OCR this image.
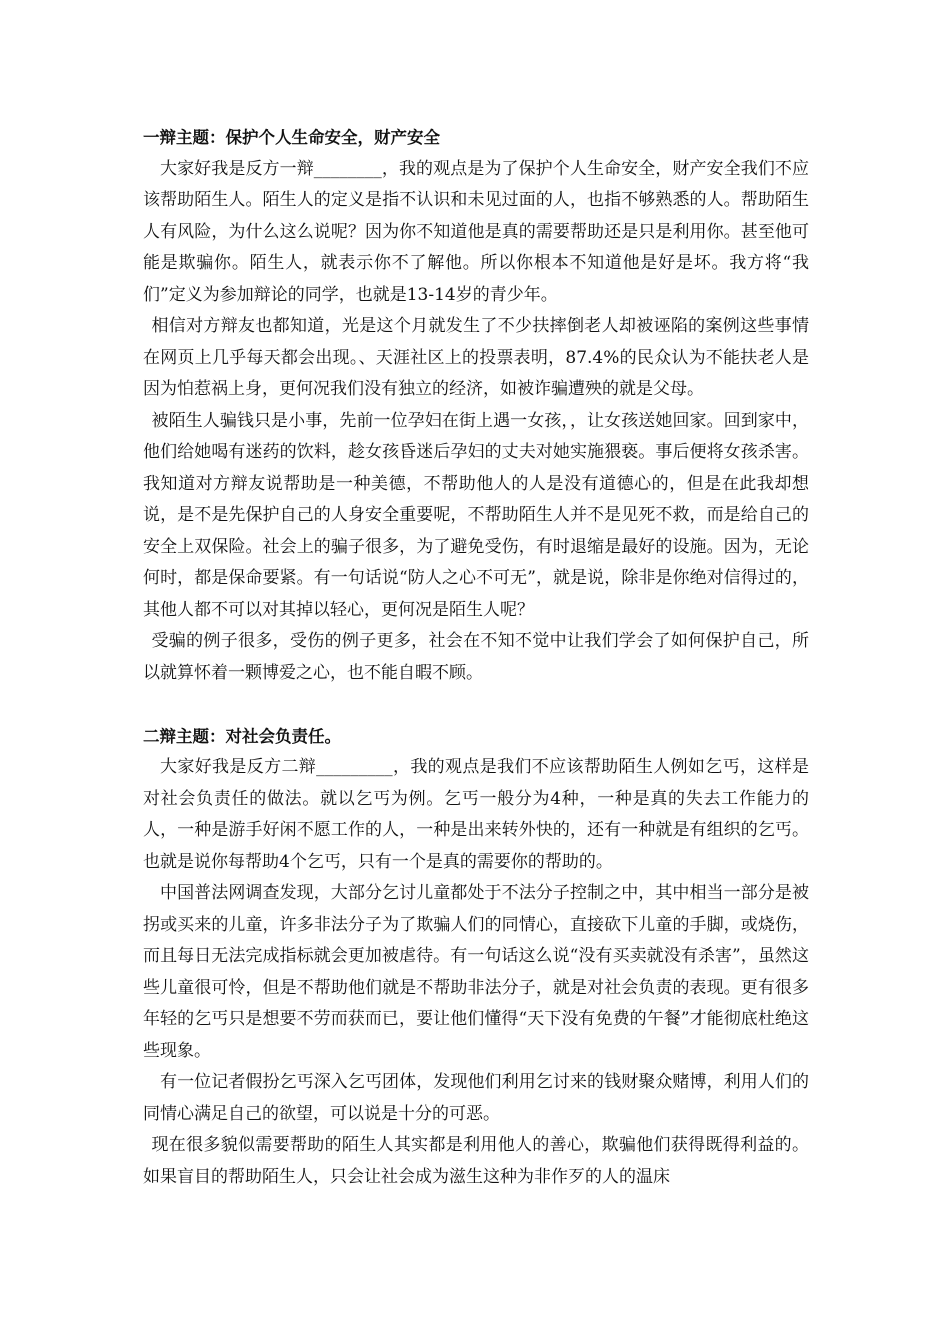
一辩主题：保护个人生命安全，财产安全

大家好我是反方一辩________，我的观点是为了保护个人生命安全，财产安全我们不应该帮助陌生人。陌生人的定义是指不认识和未见过面的人，也指不够熟悉的人。帮助陌生人有风险，为什么这么说呢？因为你不知道他是真的需要帮助还是只是利用你。甚至他可能是欺骗你。陌生人，就表示你不了解他。所以你根本不知道他是好是坏。我方将“我们”定义为参加辩论的同学，也就是13-14岁的青少年。

相信对方辩友也都知道，光是这个月就发生了不少扶摔倒老人却被诬陷的案例这些事情在网页上几乎每天都会出现。、天涯社区上的投票表明，87.4%的民众认为不能扶老人是因为怕惹祸上身，更何况我们没有独立的经济，如被诈骗遭殃的就是父母。

被陌生人骗钱只是小事，先前一位孕妇在街上遇一女孩，，让女孩送她回家。回到家中，他们给她喝有迷药的饮料，趁女孩昏迷后孕妇的丈夫对她实施猥亵。事后便将女孩杀害。我知道对方辩友说帮助是一种美德，不帮助他人的人是没有道德心的，但是在此我却想说，是不是先保护自己的人身安全重要呢，不帮助陌生人并不是见死不救，而是给自己的安全上双保险。社会上的骗子很多，为了避免受伤，有时退缩是最好的设施。因为，无论何时，都是保命要紧。有一句话说“防人之心不可无”，就是说，除非是你绝对信得过的，其他人都不可以对其掉以轻心，更何况是陌生人呢？

受骗的例子很多，受伤的例子更多，社会在不知不觉中让我们学会了如何保护自己，所以就算怀着一颗博爱之心，也不能自暇不顾。

二辩主题：对社会负责任。

大家好我是反方二辩_________，我的观点是我们不应该帮助陌生人例如乞丐，这样是对社会负责任的做法。就以乞丐为例。乞丐一般分为4种，一种是真的失去工作能力的人，一种是游手好闲不愿工作的人，一种是出来转外快的，还有一种就是有组织的乞丐。也就是说你每帮助4个乞丐，只有一个是真的需要你的帮助的。

中国普法网调查发现，大部分乞讨儿童都处于不法分子控制之中，其中相当一部分是被拐或买来的儿童，许多非法分子为了欺骗人们的同情心，直接砍下儿童的手脚，或烧伤，而且每日无法完成指标就会更加被虐待。有一句话这么说“没有买卖就没有杀害”，虽然这些儿童很可怜，但是不帮助他们就是不帮助非法分子，就是对社会负责的表现。更有很多年轻的乞丐只是想要不劳而获而已，要让他们懂得“天下没有免费的午餐”才能彻底杜绝这些现象。

有一位记者假扮乞丐深入乞丐团体，发现他们利用乞讨来的钱财聚众赌博，利用人们的同情心满足自己的欲望，可以说是十分的可恶。

现在很多貌似需要帮助的陌生人其实都是利用他人的善心，欺骗他们获得既得利益的。如果盲目的帮助陌生人，只会让社会成为滋生这种为非作歹的人的温床
